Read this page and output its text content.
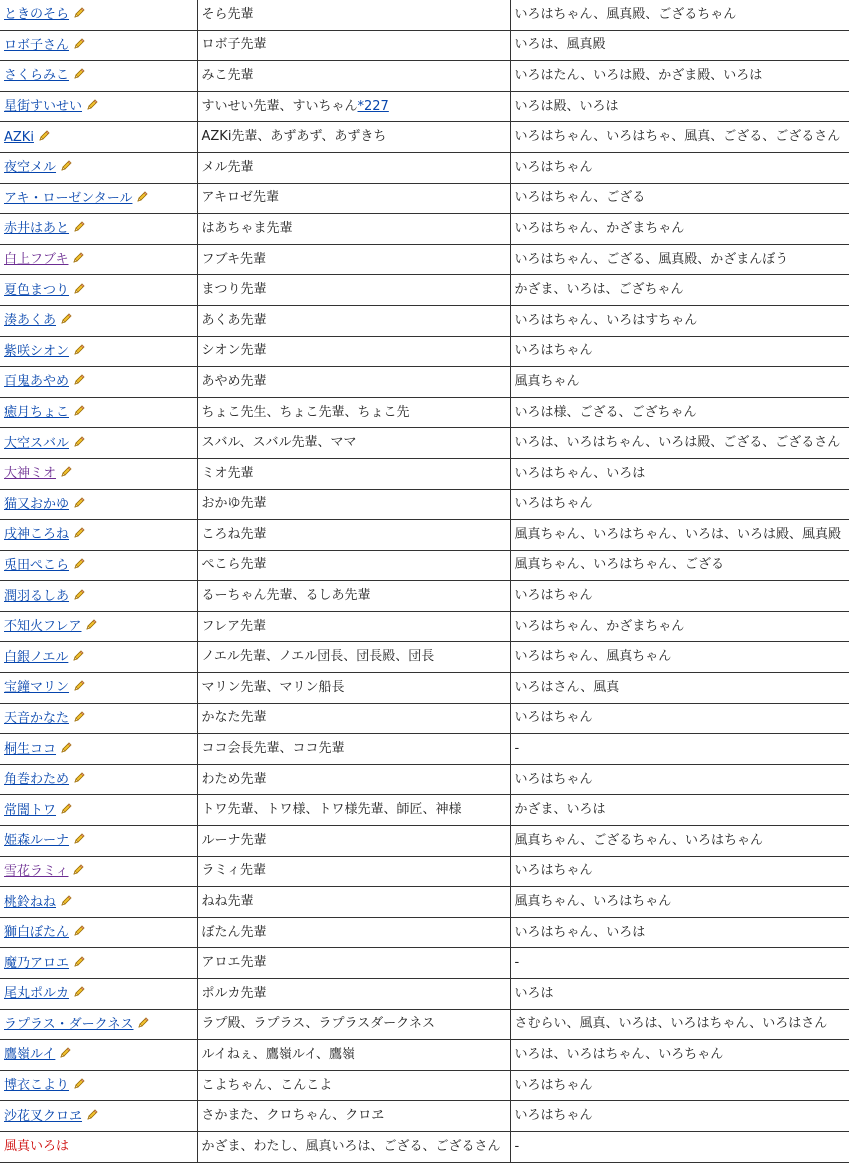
ときのそら	そら先輩	いろはちゃん、風真殿、ござるちゃん
ロボ子さん	ロボ子先輩	いろは、風真殿
さくらみこ	みこ先輩	いろはたん、いろは殿、かざま殿、いろは
星街すいせい	すいせい先輩、すいちゃん*227	いろは殿、いろは
AZKi	AZKi先輩、あずあず、あずきち	いろはちゃん、いろはちゃ、風真、ござる、ござるさん
夜空メル	メル先輩	いろはちゃん
アキ・ローゼンタール	アキロゼ先輩	いろはちゃん、ござる
赤井はあと	はあちゃま先輩	いろはちゃん、かざまちゃん
白上フブキ	フブキ先輩	いろはちゃん、ござる、風真殿、かざまんぼう
夏色まつり	まつり先輩	かざま、いろは、ござちゃん
湊あくあ	あくあ先輩	いろはちゃん、いろはすちゃん
紫咲シオン	シオン先輩	いろはちゃん
百鬼あやめ	あやめ先輩	風真ちゃん
癒月ちょこ	ちょこ先生、ちょこ先輩、ちょこ先	いろは様、ござる、ござちゃん
大空スバル	スバル、スバル先輩、ママ	いろは、いろはちゃん、いろは殿、ござる、ござるさん
大神ミオ	ミオ先輩	いろはちゃん、いろは
猫又おかゆ	おかゆ先輩	いろはちゃん
戌神ころね	ころね先輩	風真ちゃん、いろはちゃん、いろは、いろは殿、風真殿
兎田ぺこら	ぺこら先輩	風真ちゃん、いろはちゃん、ござる
潤羽るしあ	るーちゃん先輩、るしあ先輩	いろはちゃん
不知火フレア	フレア先輩	いろはちゃん、かざまちゃん
白銀ノエル	ノエル先輩、ノエル団長、団長殿、団長	いろはちゃん、風真ちゃん
宝鐘マリン	マリン先輩、マリン船長	いろはさん、風真
天音かなた	かなた先輩	いろはちゃん
桐生ココ	ココ会長先輩、ココ先輩	-
角巻わため	わため先輩	いろはちゃん
常闇トワ	トワ先輩、トワ様、トワ様先輩、師匠、神様	かざま、いろは
姫森ルーナ	ルーナ先輩	風真ちゃん、ござるちゃん、いろはちゃん
雪花ラミィ	ラミィ先輩	いろはちゃん
桃鈴ねね	ねね先輩	風真ちゃん、いろはちゃん
獅白ぼたん	ぼたん先輩	いろはちゃん、いろは
魔乃アロエ	アロエ先輩	-
尾丸ポルカ	ポルカ先輩	いろは
ラプラス・ダークネス	ラプ殿、ラプラス、ラプラスダークネス	さむらい、風真、いろは、いろはちゃん、いろはさん
鷹嶺ルイ	ルイねぇ、鷹嶺ルイ、鷹嶺	いろは、いろはちゃん、いろちゃん
博衣こより	こよちゃん、こんこよ	いろはちゃん
沙花叉クロヱ	さかまた、クロちゃん、クロヱ	いろはちゃん
風真いろは	かざま、わたし、風真いろは、ござる、ござるさん	-
